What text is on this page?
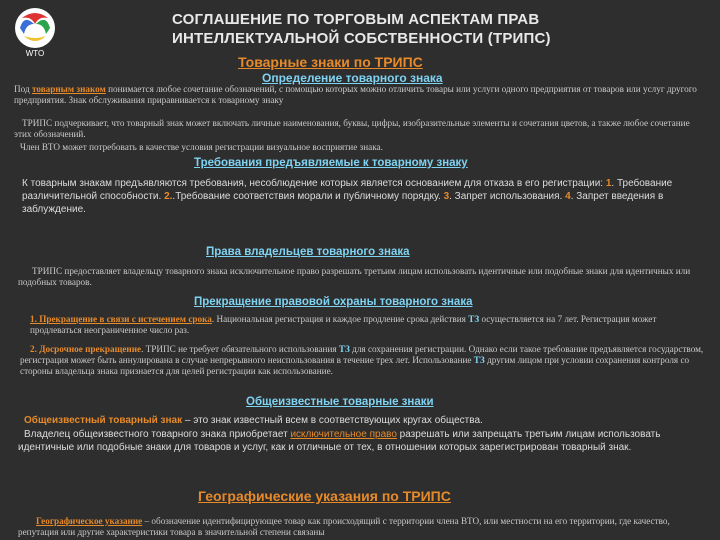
WTO
СОГЛАШЕНИЕ ПО ТОРГОВЫМ АСПЕКТАМ ПРАВ ИНТЕЛЛЕКТУАЛЬНОЙ СОБСТВЕННОСТИ (ТРИПС)
Товарные знаки по ТРИПС
Определение товарного знака
Под товарным знаком понимается любое сочетание обозначений, с помощью которых можно отличить товары или услуги одного предприятия от товаров или услуг другого предприятия. Знак обслуживания приравнивается к товарному знаку
ТРИПС подчеркивает, что товарный знак может включать личные наименования, буквы, цифры, изобразительные элементы и сочетания цветов, а также любое сочетание этих обозначений.
Член ВТО может потребовать в качестве условия регистрации визуальное восприятие знака.
Требования предъявляемые к товарному знаку
К товарным знакам предъявляются требования, несоблюдение которых является основанием для отказа в его регистрации: 1. Требование различительной способности. 2..Требование соответствия морали и публичному порядку. 3. Запрет использования. 4. Запрет введения в заблуждение.
Права владельцев товарного знака
ТРИПС предоставляет владельцу товарного знака исключительное право разрешать третьим лицам использовать идентичные или подобные знаки для идентичных или подобных товаров.
Прекращение правовой охраны товарного знака
1. Прекращение в связи с истечением срока. Национальная регистрация и каждое продление срока действия ТЗ осуществляется на 7 лет. Регистрация может продлеваться неограниченное число раз.
2. Досрочное прекращение. ТРИПС не требует обязательного использования ТЗ для сохранения регистрации. Однако если такое требование предъявляется государством, регистрация может быть аннулирована в случае непрерывного неиспользования в течение трех лет. Использование ТЗ другим лицом при условии сохранения контроля со стороны владельца знака признается для целей регистрации как использование.
Общеизвестные товарные знаки
Общеизвестный товарный знак – это знак известный всем в соответствующих кругах общества.
Владелец общеизвестного товарного знака приобретает исключительное право разрешать или запрещать третьим лицам использовать идентичные или подобные знаки для товаров и услуг, как и отличные от тех, в отношении которых зарегистрирован товарный знак.
Географические указания по ТРИПС
Географическое указание – обозначение идентифицирующее товар как происходящий с территории члена ВТО, или местности на его территории, где качество, репутация или другие характеристики товара в значительной степени связаны
